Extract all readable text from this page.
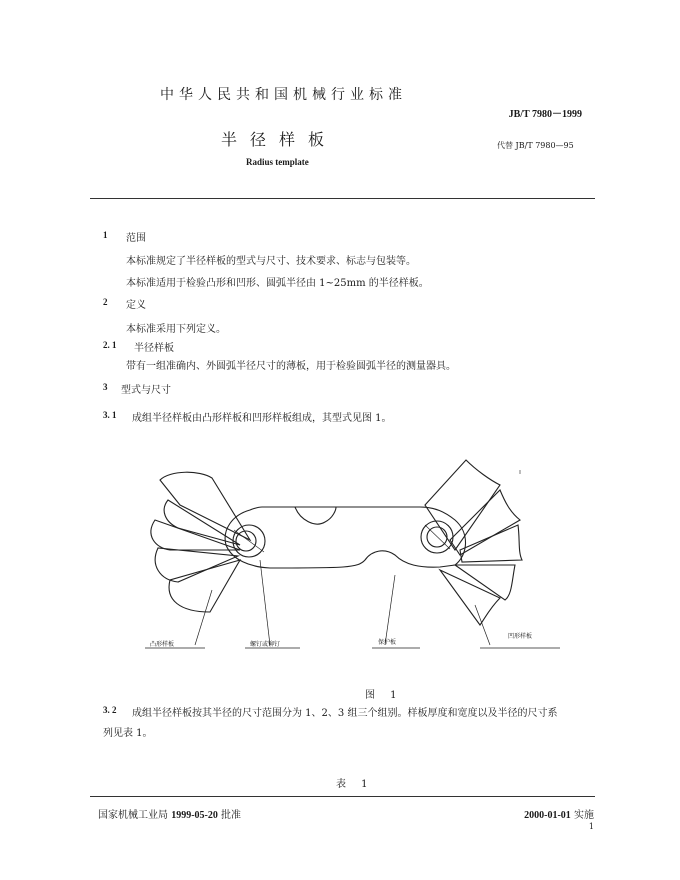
中华人民共和国机械行业标准
JB/T 7980－1999
半径样板	代替 JB/T 7980—95
Radius template
1 范围
本标准规定了半径样板的型式与尺寸、技术要求、标志与包装等。
本标准适用于检验凸形和凹形、圆弧半径由 1~25mm 的半径样板。
2 定义
本标准采用下列定义。
2. 1 半径样板
带有一组准确内、外圆弧半径尺寸的薄板，用于检验圆弧半径的测量器具。
3 型式与尺寸
3. 1 成组半径样板由凸形样板和凹形样板组成，其型式见图 1。
凸形样板	螺钉或铆钉	保护板
凹形样板
图 1
3. 2 成组半径样板按其半径的尺寸范围分为 1、2、3 组三个组别。样板厚度和宽度以及半径的尺寸系
列见表 1。
表 1
国家机械工业局 1999-05-20 批准	2000-01-01 实施
1
